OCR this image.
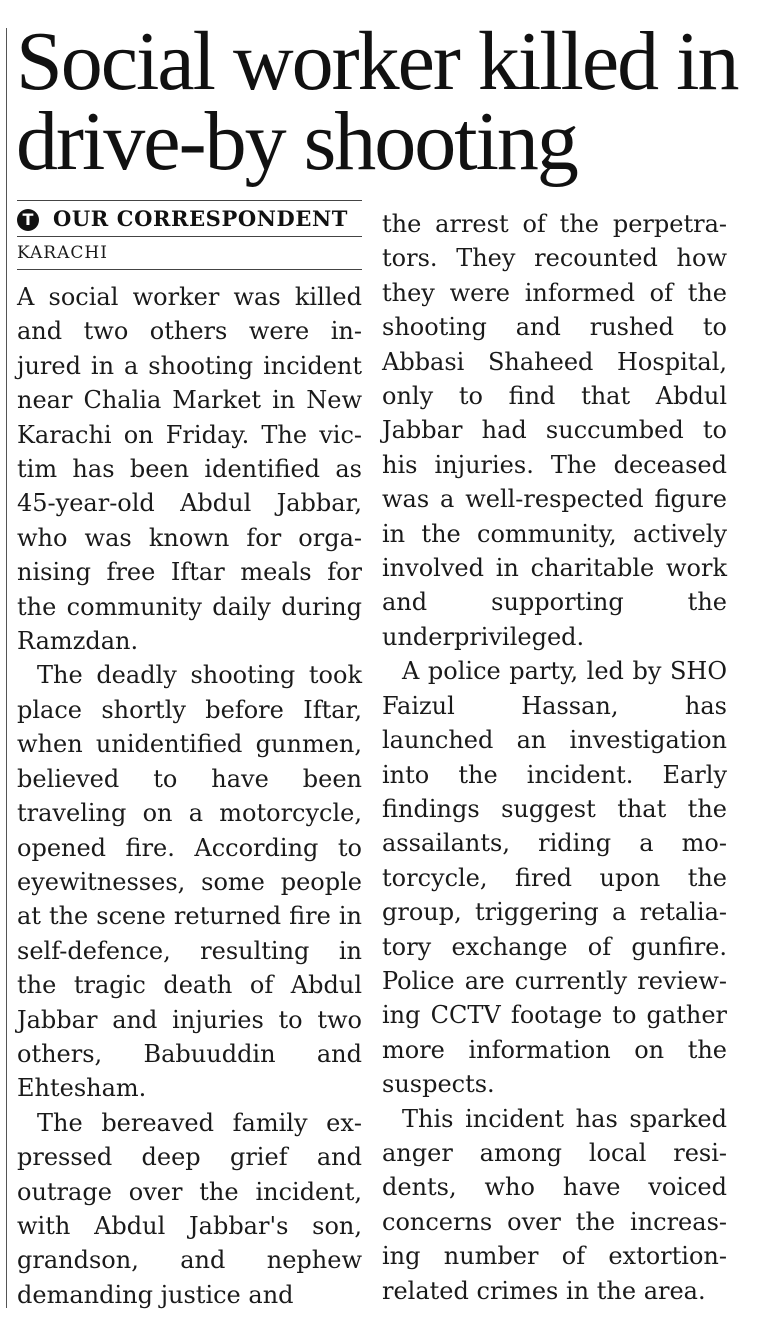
Social worker killed in drive-by shooting
T OUR CORRESPONDENT
KARACHI

A social worker was killed and two others were injured in a shooting incident near Chalia Market in New Karachi on Friday. The victim has been identified as 45-year-old Abdul Jabbar, who was known for organising free Iftar meals for the community daily during Ramzdan.

The deadly shooting took place shortly before Iftar, when unidentified gunmen, believed to have been traveling on a motorcycle, opened fire. According to eyewitnesses, some people at the scene returned fire in self-defence, resulting in the tragic death of Abdul Jabbar and injuries to two others, Babuuddin and Ehtesham.

The bereaved family expressed deep grief and outrage over the incident, with Abdul Jabbar's son, grandson, and nephew demanding justice and

the arrest of the perpetrators. They recounted how they were informed of the shooting and rushed to Abbasi Shaheed Hospital, only to find that Abdul Jabbar had succumbed to his injuries. The deceased was a well-respected figure in the community, actively involved in charitable work and supporting the underprivileged.

A police party, led by SHO Faizul Hassan, has launched an investigation into the incident. Early findings suggest that the assailants, riding a motorcycle, fired upon the group, triggering a retaliatory exchange of gunfire. Police are currently reviewing CCTV footage to gather more information on the suspects.

This incident has sparked anger among local residents, who have voiced concerns over the increasing number of extortion-related crimes in the area.
